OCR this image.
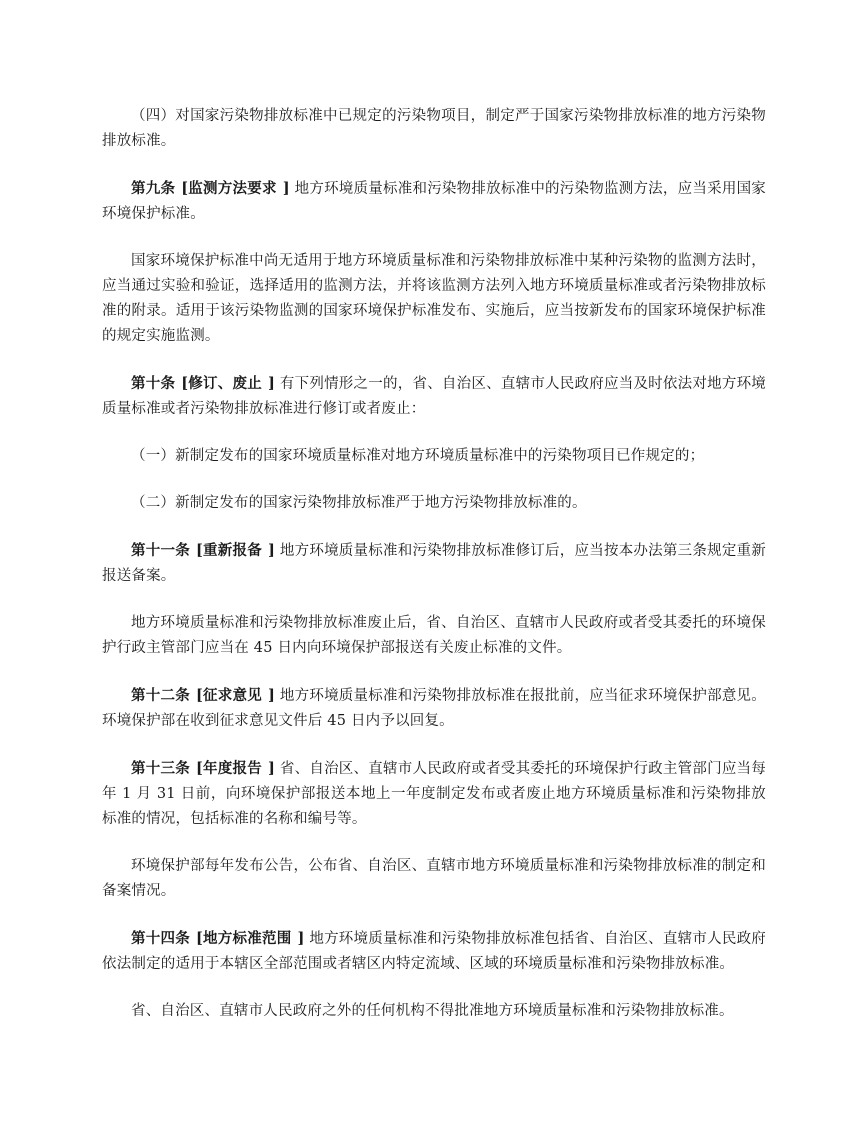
（四）对国家污染物排放标准中已规定的污染物项目，制定严于国家污染物排放标准的地方污染物排放标准。

第九条 [监测方法要求 ] 地方环境质量标准和污染物排放标准中的污染物监测方法，应当采用国家环境保护标准。

国家环境保护标准中尚无适用于地方环境质量标准和污染物排放标准中某种污染物的监测方法时，应当通过实验和验证，选择适用的监测方法，并将该监测方法列入地方环境质量标准或者污染物排放标准的附录。适用于该污染物监测的国家环境保护标准发布、实施后，应当按新发布的国家环境保护标准的规定实施监测。

第十条 [修订、废止 ] 有下列情形之一的，省、自治区、直辖市人民政府应当及时依法对地方环境质量标准或者污染物排放标准进行修订或者废止：

（一）新制定发布的国家环境质量标准对地方环境质量标准中的污染物项目已作规定的；

（二）新制定发布的国家污染物排放标准严于地方污染物排放标准的。

第十一条 [重新报备 ] 地方环境质量标准和污染物排放标准修订后，应当按本办法第三条规定重新报送备案。

地方环境质量标准和污染物排放标准废止后，省、自治区、直辖市人民政府或者受其委托的环境保护行政主管部门应当在 45 日内向环境保护部报送有关废止标准的文件。

第十二条 [征求意见 ] 地方环境质量标准和污染物排放标准在报批前，应当征求环境保护部意见。环境保护部在收到征求意见文件后 45 日内予以回复。

第十三条 [年度报告 ] 省、自治区、直辖市人民政府或者受其委托的环境保护行政主管部门应当每年 1 月 31 日前，向环境保护部报送本地上一年度制定发布或者废止地方环境质量标准和污染物排放标准的情况，包括标准的名称和编号等。

环境保护部每年发布公告，公布省、自治区、直辖市地方环境质量标准和污染物排放标准的制定和备案情况。

第十四条 [地方标准范围 ] 地方环境质量标准和污染物排放标准包括省、自治区、直辖市人民政府依法制定的适用于本辖区全部范围或者辖区内特定流域、区域的环境质量标准和污染物排放标准。

省、自治区、直辖市人民政府之外的任何机构不得批准地方环境质量标准和污染物排放标准。
